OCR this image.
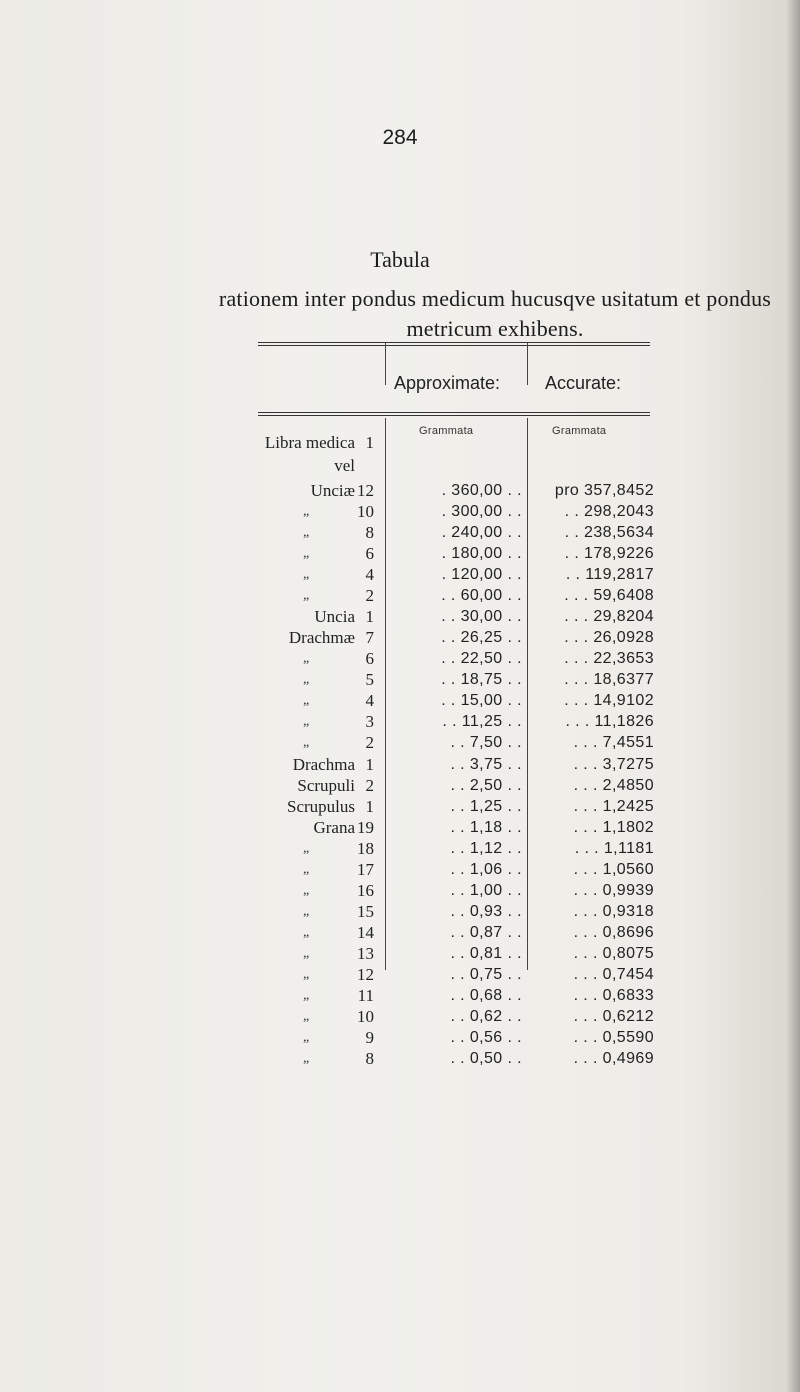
284
Tabula
rationem inter pondus medicum hucusqve usitatum et pondus metricum exhibens.
Approximate: Accurate:
Grammata	Grammata
Libra medica 1
vel
Unciæ 12	. 360,00 . . pro 357,8452
„	10	. 300,00 . .	. . 298,2043
„	8	. 240,00 . .	. . 238,5634
„	6	. 180,00 . .	. . 178,9226
„	4	. 120,00 . .	. . 119,2817
„	2	. . 60,00 . .	. . . 59,6408
Uncia 1	. . 30,00 . .	. . . 29,8204
Drachmæ 7	. . 26,25 . .	. . . 26,0928
„	6	. . 22,50 . .	. . . 22,3653
„	5	. . 18,75 . .	. . . 18,6377
„	4	. . 15,00 . .	. . . 14,9102
„	3	. . 11,25 . .	. . . 11,1826
„	2	. . 7,50 . .	. . . 7,4551
Drachma 1	. . 3,75 . .	. . . 3,7275
Scrupuli 2	. . 2,50 . .	. . . 2,4850
Scrupulus 1	. . 1,25 . .	. . . 1,2425
Grana 19	. . 1,18 . .	. . . 1,1802
„	18	. . 1,12 . .	. . . 1,1181
„	17	. . 1,06 . .	. . . 1,0560
„	16	. . 1,00 . .	. . . 0,9939
„	15	. . 0,93 . .	. . . 0,9318
„	14	. . 0,87 . .	. . . 0,8696
„	13	. . 0,81 . .	. . . 0,8075
„	12	. . 0,75 . .	. . . 0,7454
„	11	. . 0,68 . .	. . . 0,6833
„	10	. . 0,62 . .	. . . 0,6212
„	9	. . 0,56 . .	. . . 0,5590
„	8	. . 0,50 . .	. . . 0,4969
